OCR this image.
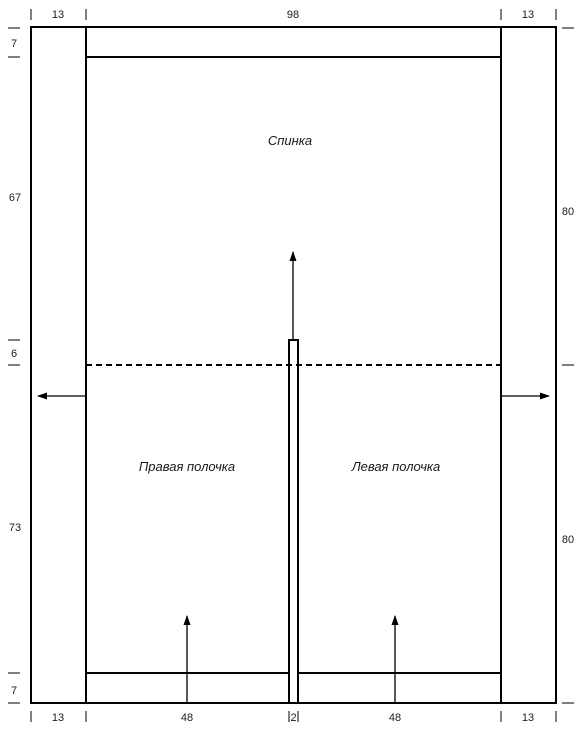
Спинка
Правая полочка	Левая полочка
13	98	13
7
67
6
73
7
80
80
13	48	2	48	13
